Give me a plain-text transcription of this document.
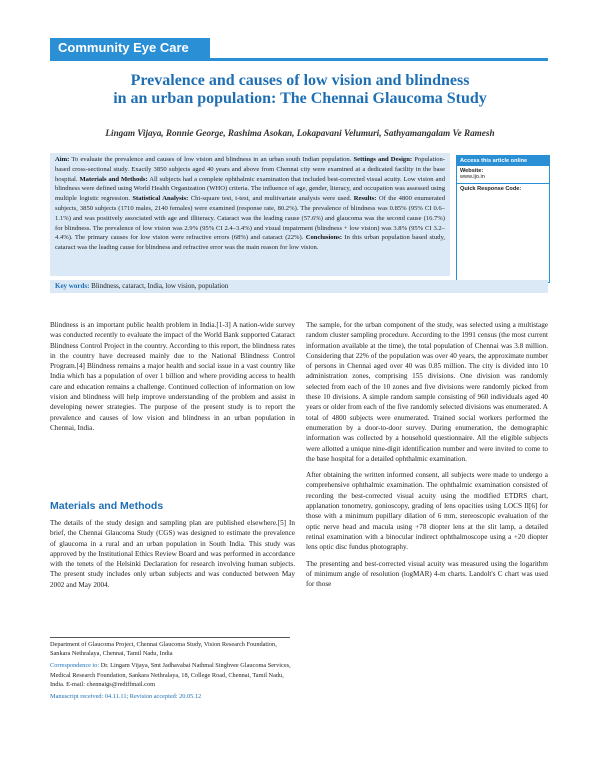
Community Eye Care
Prevalence and causes of low vision and blindness
in an urban population: The Chennai Glaucoma Study
Lingam Vijaya, Ronnie George, Rashima Asokan, Lokapavani Velumuri, Sathyamangalam Ve Ramesh
Aim: To evaluate the prevalence and causes of low vision and blindness in an urban south Indian population. Settings and Design: Population-based cross-sectional study. Exactly 3850 subjects aged 40 years and above from Chennai city were examined at a dedicated facility in the base hospital. Materials and Methods: All subjects had a complete ophthalmic examination that included best-corrected visual acuity. Low vision and blindness were defined using World Health Organization (WHO) criteria. The influence of age, gender, literacy, and occupation was assessed using multiple logistic regression. Statistical Analysis: Chi-square test, t-test, and multivariate analysis were used. Results: Of the 4800 enumerated subjects, 3850 subjects (1710 males, 2140 females) were examined (response rate, 80.2%). The prevalence of blindness was 0.85% (95% CI 0.6–1.1%) and was positively associated with age and illiteracy. Cataract was the leading cause (57.6%) and glaucoma was the second cause (16.7%) for blindness. The prevalence of low vision was 2.9% (95% CI 2.4–3.4%) and visual impairment (blindness + low vision) was 3.8% (95% CI 3.2–4.4%). The primary causes for low vision were refractive errors (68%) and cataract (22%). Conclusions: In this urban population based study, cataract was the leading cause for blindness and refractive error was the main reason for low vision.
Access this article online
Website:
www.ijo.in
Quick Response Code:
Key words: Blindness, cataract, India, low vision, population

Blindness is an important public health problem in India.[1-3] A nation-wide survey was conducted recently to evaluate the impact of the World Bank supported Cataract Blindness Control Project in the country. According to this report, the blindness rates in the country have decreased mainly due to the National Blindness Control Program.[4] Blindness remains a major health and social issue in a vast country like India which has a population of over 1 billion and where providing access to health care and education remains a challenge. Continued collection of information on low vision and blindness will help improve understanding of the problem and assist in developing newer strategies. The purpose of the present study is to report the prevalence and causes of low vision and blindness in an urban population in Chennai, India.

Materials and Methods

The details of the study design and sampling plan are published elsewhere.[5] In brief, the Chennai Glaucoma Study (CGS) was designed to estimate the prevalence of glaucoma in a rural and an urban population in South India. This study was approved by the Institutional Ethics Review Board and was performed in accordance with the tenets of the Helsinki Declaration for research involving human subjects. The present study includes only urban subjects and was conducted between May 2002 and May 2004.

Department of Glaucoma Project, Chennai Glaucoma Study, Vision Research Foundation, Sankara Nethralaya, Chennai, Tamil Nadu, India

Correspondence to: Dr. Lingam Vijaya, Smt Jadhavabai Nathmal Singhvee Glaucoma Services, Medical Research Foundation, Sankara Nethralaya, 18, College Road, Chennai, Tamil Nadu, India. E-mail: chennaigs@rediffmail.com

Manuscript received: 04.11.11; Revision accepted: 20.05.12

The sample, for the urban component of the study, was selected using a multistage random cluster sampling procedure. According to the 1991 census (the most current information available at the time), the total population of Chennai was 3.8 million. Considering that 22% of the population was over 40 years, the approximate number of persons in Chennai aged over 40 was 0.85 million. The city is divided into 10 administration zones, comprising 155 divisions. One division was randomly selected from each of the 10 zones and five divisions were randomly picked from these 10 divisions. A simple random sample consisting of 960 individuals aged 40 years or older from each of the five randomly selected divisions was enumerated. A total of 4800 subjects were enumerated. Trained social workers performed the enumeration by a door-to-door survey. During enumeration, the demographic information was collected by a household questionnaire. All the eligible subjects were allotted a unique nine-digit identification number and were invited to come to the base hospital for a detailed ophthalmic examination.

After obtaining the written informed consent, all subjects were made to undergo a comprehensive ophthalmic examination. The ophthalmic examination consisted of recording the best-corrected visual acuity using the modified ETDRS chart, applanation tonometry, gonioscopy, grading of lens opacities using LOCS II[6] for those with a minimum pupillary dilation of 6 mm, stereoscopic evaluation of the optic nerve head and macula using +78 diopter lens at the slit lamp, a detailed retinal examination with a binocular indirect ophthalmoscope using a +20 diopter lens optic disc fundus photography.

The presenting and best-corrected visual acuity was measured using the logarithm of minimum angle of resolution (logMAR) 4-m charts. Landolt's C chart was used for those
